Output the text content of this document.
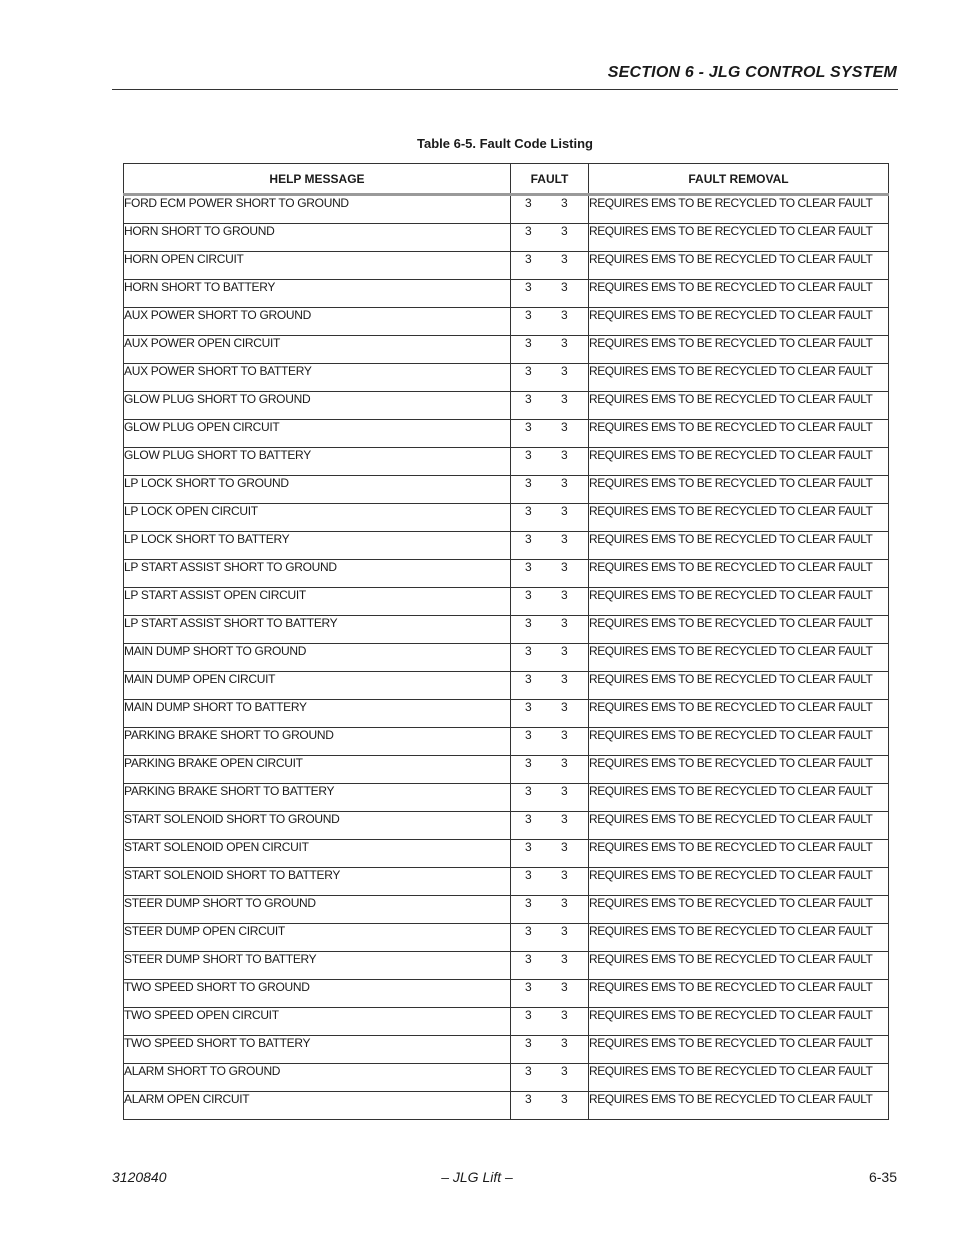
SECTION 6 - JLG CONTROL SYSTEM
Table 6-5. Fault Code Listing
HELP MESSAGE	FAULT	FAULT REMOVAL
FORD ECM POWER SHORT TO GROUND	3 3	REQUIRES EMS TO BE RECYCLED TO CLEAR FAULT
HORN SHORT TO GROUND	3 3	REQUIRES EMS TO BE RECYCLED TO CLEAR FAULT
HORN OPEN CIRCUIT	3 3	REQUIRES EMS TO BE RECYCLED TO CLEAR FAULT
HORN SHORT TO BATTERY	3 3	REQUIRES EMS TO BE RECYCLED TO CLEAR FAULT
AUX POWER SHORT TO GROUND	3 3	REQUIRES EMS TO BE RECYCLED TO CLEAR FAULT
AUX POWER OPEN CIRCUIT	3 3	REQUIRES EMS TO BE RECYCLED TO CLEAR FAULT
AUX POWER SHORT TO BATTERY	3 3	REQUIRES EMS TO BE RECYCLED TO CLEAR FAULT
GLOW PLUG SHORT TO GROUND	3 3	REQUIRES EMS TO BE RECYCLED TO CLEAR FAULT
GLOW PLUG OPEN CIRCUIT	3 3	REQUIRES EMS TO BE RECYCLED TO CLEAR FAULT
GLOW PLUG SHORT TO BATTERY	3 3	REQUIRES EMS TO BE RECYCLED TO CLEAR FAULT
LP LOCK SHORT TO GROUND	3 3	REQUIRES EMS TO BE RECYCLED TO CLEAR FAULT
LP LOCK OPEN CIRCUIT	3 3	REQUIRES EMS TO BE RECYCLED TO CLEAR FAULT
LP LOCK SHORT TO BATTERY	3 3	REQUIRES EMS TO BE RECYCLED TO CLEAR FAULT
LP START ASSIST SHORT TO GROUND	3 3	REQUIRES EMS TO BE RECYCLED TO CLEAR FAULT
LP START ASSIST OPEN CIRCUIT	3 3	REQUIRES EMS TO BE RECYCLED TO CLEAR FAULT
LP START ASSIST SHORT TO BATTERY	3 3	REQUIRES EMS TO BE RECYCLED TO CLEAR FAULT
MAIN DUMP SHORT TO GROUND	3 3	REQUIRES EMS TO BE RECYCLED TO CLEAR FAULT
MAIN DUMP OPEN CIRCUIT	3 3	REQUIRES EMS TO BE RECYCLED TO CLEAR FAULT
MAIN DUMP SHORT TO BATTERY	3 3	REQUIRES EMS TO BE RECYCLED TO CLEAR FAULT
PARKING BRAKE SHORT TO GROUND	3 3	REQUIRES EMS TO BE RECYCLED TO CLEAR FAULT
PARKING BRAKE OPEN CIRCUIT	3 3	REQUIRES EMS TO BE RECYCLED TO CLEAR FAULT
PARKING BRAKE SHORT TO BATTERY	3 3	REQUIRES EMS TO BE RECYCLED TO CLEAR FAULT
START SOLENOID SHORT TO GROUND	3 3	REQUIRES EMS TO BE RECYCLED TO CLEAR FAULT
START SOLENOID OPEN CIRCUIT	3 3	REQUIRES EMS TO BE RECYCLED TO CLEAR FAULT
START SOLENOID SHORT TO BATTERY	3 3	REQUIRES EMS TO BE RECYCLED TO CLEAR FAULT
STEER DUMP SHORT TO GROUND	3 3	REQUIRES EMS TO BE RECYCLED TO CLEAR FAULT
STEER DUMP OPEN CIRCUIT	3 3	REQUIRES EMS TO BE RECYCLED TO CLEAR FAULT
STEER DUMP SHORT TO BATTERY	3 3	REQUIRES EMS TO BE RECYCLED TO CLEAR FAULT
TWO SPEED SHORT TO GROUND	3 3	REQUIRES EMS TO BE RECYCLED TO CLEAR FAULT
TWO SPEED OPEN CIRCUIT	3 3	REQUIRES EMS TO BE RECYCLED TO CLEAR FAULT
TWO SPEED SHORT TO BATTERY	3 3	REQUIRES EMS TO BE RECYCLED TO CLEAR FAULT
ALARM SHORT TO GROUND	3 3	REQUIRES EMS TO BE RECYCLED TO CLEAR FAULT
ALARM OPEN CIRCUIT	3 3	REQUIRES EMS TO BE RECYCLED TO CLEAR FAULT
3120840	– JLG Lift –	6-35
